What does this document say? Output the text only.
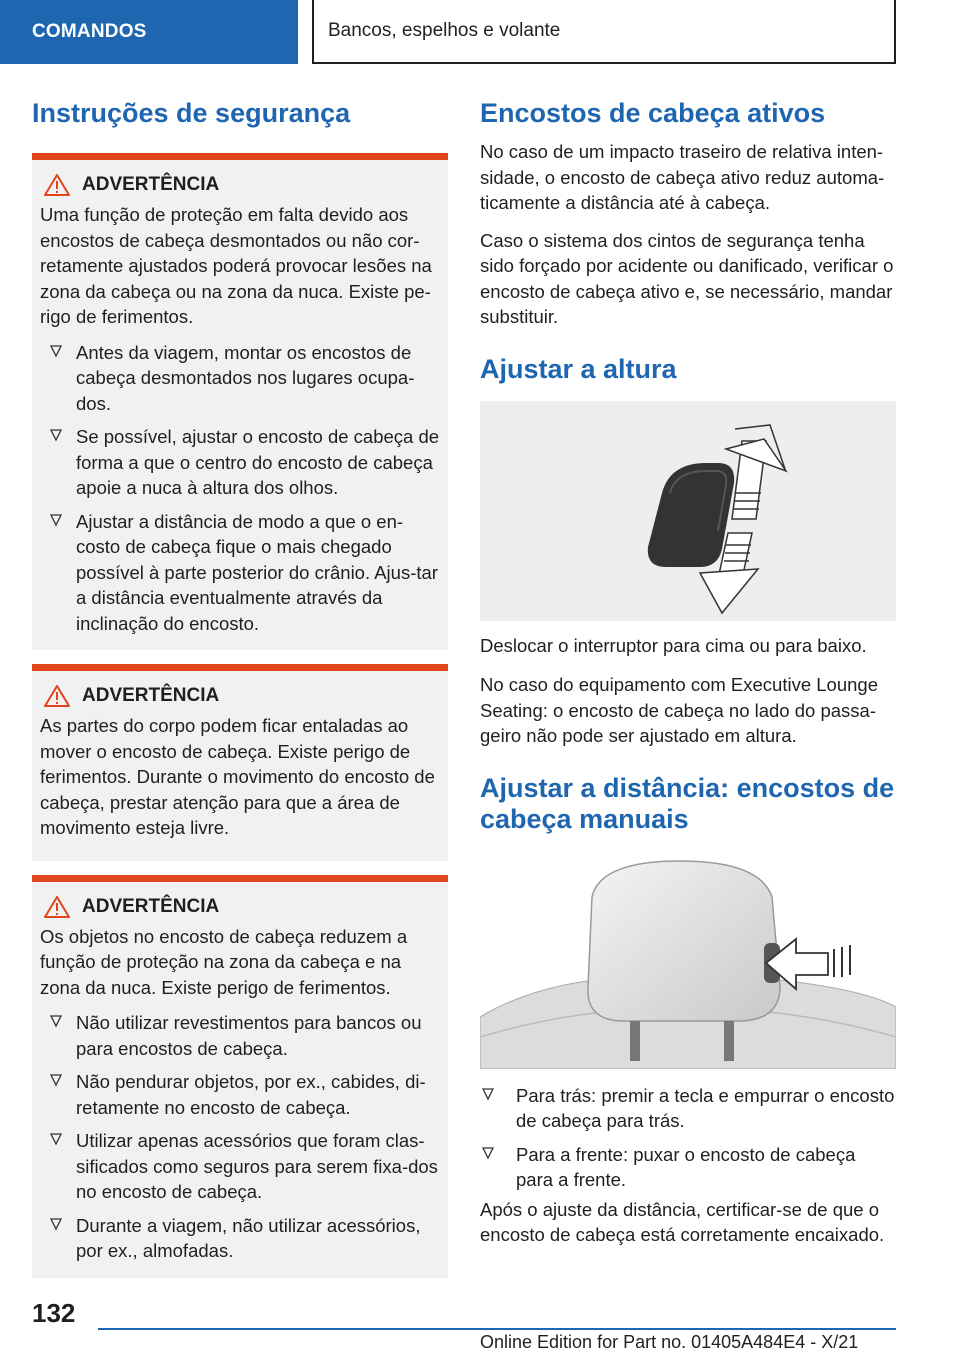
COMANDOS	Bancos, espelhos e volante
Instruções de segurança
ADVERTÊNCIA

Uma função de proteção em falta devido aos encostos de cabeça desmontados ou não cor-retamente ajustados poderá provocar lesões na zona da cabeça ou na zona da nuca. Existe pe-rigo de ferimentos.

Antes da viagem, montar os encostos de cabeça desmontados nos lugares ocupa-dos.
Se possível, ajustar o encosto de cabeça de forma a que o centro do encosto de cabeça apoie a nuca à altura dos olhos.
Ajustar a distância de modo a que o en-costo de cabeça fique o mais chegado possível à parte posterior do crânio. Ajus-tar a distância eventualmente através da inclinação do encosto.
ADVERTÊNCIA

As partes do corpo podem ficar entaladas ao mover o encosto de cabeça. Existe perigo de ferimentos. Durante o movimento do encosto de cabeça, prestar atenção para que a área de movimento esteja livre.

ADVERTÊNCIA

Os objetos no encosto de cabeça reduzem a função de proteção na zona da cabeça e na zona da nuca. Existe perigo de ferimentos.

Não utilizar revestimentos para bancos ou para encostos de cabeça.
Não pendurar objetos, por ex., cabides, di-retamente no encosto de cabeça.
Utilizar apenas acessórios que foram clas-sificados como seguros para serem fixa-dos no encosto de cabeça.
Durante a viagem, não utilizar acessórios, por ex., almofadas.
Encostos de cabeça ativos

No caso de um impacto traseiro de relativa inten-sidade, o encosto de cabeça ativo reduz automa-ticamente a distância até à cabeça.

Caso o sistema dos cintos de segurança tenha sido forçado por acidente ou danificado, verificar o encosto de cabeça ativo e, se necessário, mandar substituir.

Ajustar a altura

Deslocar o interruptor para cima ou para baixo.

No caso do equipamento com Executive Lounge Seating: o encosto de cabeça no lado do passa-geiro não pode ser ajustado em altura.

Ajustar a distância: encostos de cabeça manuais
Para trás: premir a tecla e empurrar o encosto de cabeça para trás.
Para a frente: puxar o encosto de cabeça para a frente.

Após o ajuste da distância, certificar-se de que o encosto de cabeça está corretamente encaixado.

132
Online Edition for Part no. 01405A484E4 - X/21
